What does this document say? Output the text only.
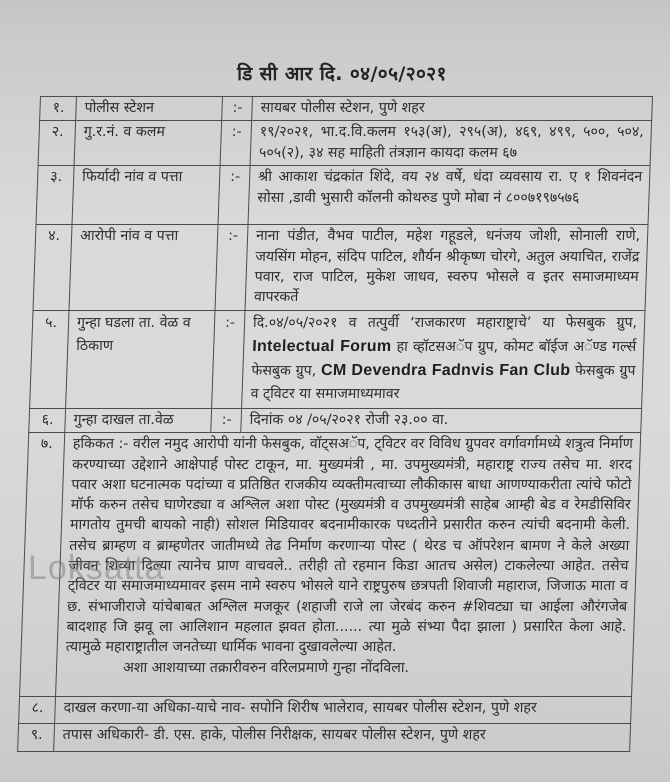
डि सी आर दि. ०४/०५/२०२१
१.	पोलीस स्टेशन	:-	सायबर पोलीस स्टेशन, पुणे शहर
२.	गु.र.नं. व कलम	:-	१९/२०२१, भा.द.वि.कलम १५३(अ), २९५(अ), ४६९, ४९९, ५००, ५०४, ५०५(२), ३४ सह माहिती तंत्रज्ञान कायदा कलम ६७
३.	फिर्यादी नांव व पत्ता	:-	श्री आकाश चंद्रकांत शिंदे, वय २४ वर्षे, धंदा व्यवसाय रा. ए १ शिवनंदन सोसा ,डावी भुसारी कॉलनी कोथरुड पुणे मोबा नं ८००७१९७५७६
४.	आरोपी नांव व पत्ता	:-	नाना पंडीत, वैभव पाटील, महेश गहूडले, धनंजय जोशी, सोनाली राणे, जयसिंग मोहन, संदिप पाटिल, शौर्यन श्रीकृष्ण चोरगे, अतुल अयाचित, राजेंद्र पवार, राज पाटिल, मुकेश जाधव, स्वरुप भोसले व इतर समाजमाध्यम वापरकर्ते
५.	गुन्हा घडला ता. वेळ व ठिकाण	:-	दि.०४/०५/२०२१ व तत्पुर्वी ‘राजकारण महाराष्ट्राचे’ या फेसबुक ग्रुप, Intelectual Forum हा व्हॉटसअॅप ग्रुप, कोमट बॉईज अॅण्ड गर्ल्स फेसबुक ग्रुप, CM Devendra Fadnvis Fan Club फेसबुक ग्रुप व ट्विटर या समाजमाध्यमावर
६.	गुन्हा दाखल ता.वेळ	:-	दिनांक ०४ /०५/२०२१ रोजी २३.०० वा.
७.	हकिकत :- वरील नमुद आरोपी यांनी फेसबुक, वॉट्सअॅप, ट्विटर वर विविध ग्रुपवर वर्गावर्गामध्ये शत्रुत्व निर्माण करण्याच्या उद्देशाने आक्षेपार्ह पोस्ट टाकून, मा. मुख्यमंत्री , मा. उपमुख्यमंत्री, महाराष्ट्र राज्य तसेच मा. शरद पवार अशा घटनात्मक पदांच्या व प्रतिष्ठित राजकीय व्यक्तीमत्वाच्या लौकीकास बाधा आणण्याकरीता त्यांचे फोटो मॉर्फ करुन तसेच घाणेरड्या व अश्लिल अशा पोस्ट (मुख्यमंत्री व उपमुख्यमंत्री साहेब आम्ही बेड व रेमडीसिविर मागतोय तुमची बायको नाही) सोशल मिडियावर बदनामीकारक पध्दतीने प्रसारीत करुन त्यांची बदनामी केली. तसेच ब्राम्हण व ब्राम्हणेतर जातीमध्ये तेढ निर्माण करणाऱ्या पोस्ट ( थेरड च ऑपरेशन बामण ने केले अख्या जीवन शिव्या दिल्या त्यानेच प्राण वाचवले.. तरीही तो रहमान किडा आतच असेल) टाकलेल्या आहेत. तसेच ट्विटर या समाजमाध्यमावर इसम नामे स्वरुप भोसले याने राष्ट्रपुरुष छत्रपती शिवाजी महाराज, जिजाऊ माता व छ. संभाजीराजे यांचेबाबत अश्लिल मजकूर (शहाजी राजे ला जेरबंद करुन #शिवट्या चा आईला औरंगजेब बादशाह जि झवू ला आलिशान महलात झवत होता...... त्या मुळे संभ्या पैदा झाला ) प्रसारित केला आहे. त्यामुळे महाराष्ट्रातील जनतेच्या धार्मिक भावना दुखावलेल्या आहेत.
अशा आशयाच्या तक्रारीवरुन वरिलप्रमाणे गुन्हा नोंदविला.		

८.	दाखल करणा-या अधिका-याचे नाव- सपोनि शिरीष भालेराव, सायबर पोलीस स्टेशन, पुणे शहर		
९.	तपास अधिकारी- डी. एस. हाके, पोलीस निरीक्षक, सायबर पोलीस स्टेशन, पुणे शहर		
Loksatta
